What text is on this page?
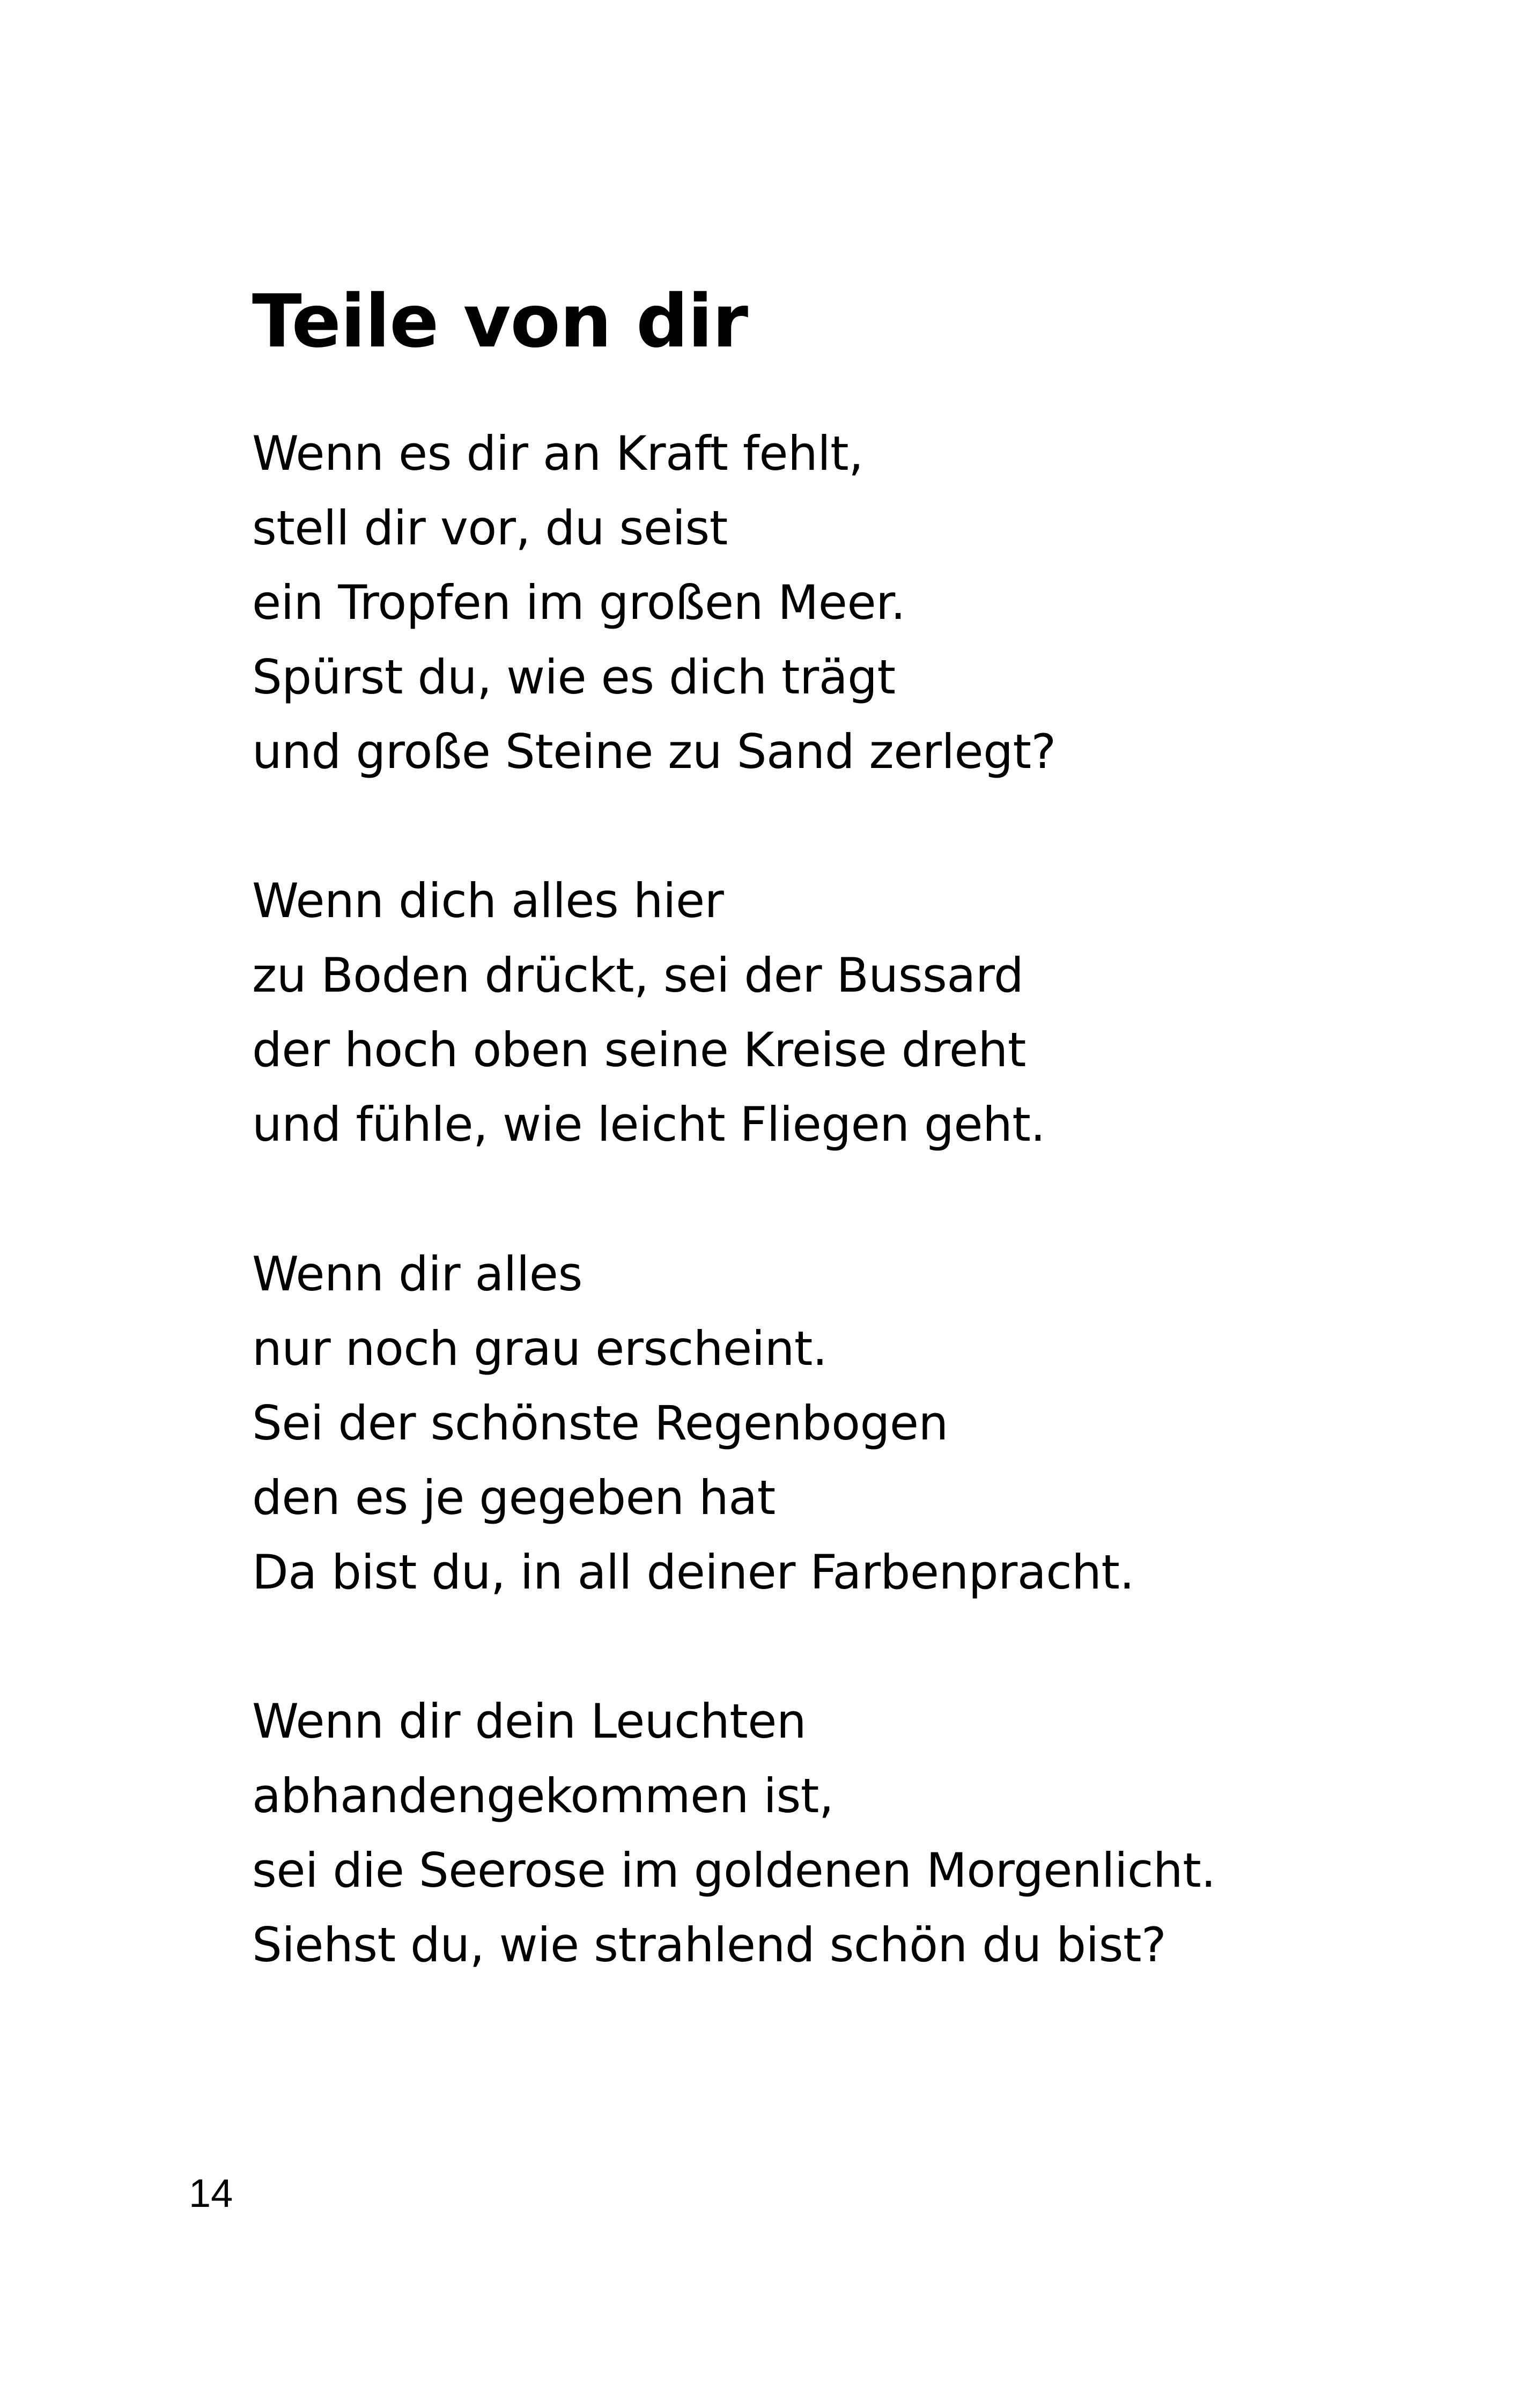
Teile von dir
Wenn es dir an Kraft fehlt,
stell dir vor, du seist
ein Tropfen im großen Meer.
Spürst du, wie es dich trägt
und große Steine zu Sand zerlegt?
Wenn dich alles hier
zu Boden drückt, sei der Bussard
der hoch oben seine Kreise dreht
und fühle, wie leicht Fliegen geht.
Wenn dir alles
nur noch grau erscheint.
Sei der schönste Regenbogen
den es je gegeben hat
Da bist du, in all deiner Farbenpracht.
Wenn dir dein Leuchten
abhandengekommen ist,
sei die Seerose im goldenen Morgenlicht.
Siehst du, wie strahlend schön du bist?

14
